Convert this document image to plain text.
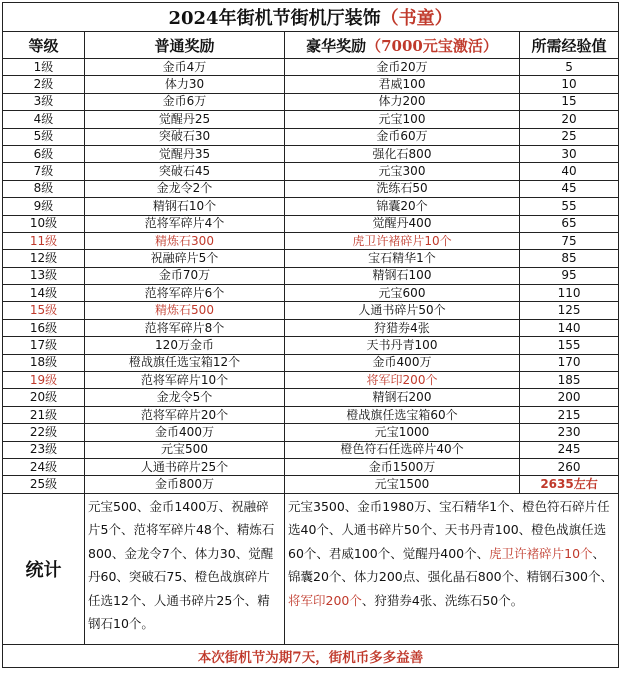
2024年街机节街机厅装饰（书童）			
等级	普通奖励	豪华奖励（7000元宝激活）	所需经验值
1级	金币4万	金币20万	5
2级	体力30	君威100	10
3级	金币6万	体力200	15
4级	觉醒丹25	元宝100	20
5级	突破石30	金币60万	25
6级	觉醒丹35	强化石800	30
7级	突破石45	元宝300	40
8级	金龙令2个	洗练石50	45
9级	精钢石10个	锦囊20个	55
10级	范将军碎片4个	觉醒丹400	65
11级	精炼石300	虎卫许褚碎片10个	75
12级	祝融碎片5个	宝石精华1个	85
13级	金币70万	精钢石100	95
14级	范将军碎片6个	元宝600	110
15级	精炼石500	人通书碎片50个	125
16级	范将军碎片8个	狩猎券4张	140
17级	120万金币	天书丹青100	155
18级	橙战旗任选宝箱12个	金币400万	170
19级	范将军碎片10个	将军印200个	185
20级	金龙令5个	精钢石200	200
21级	范将军碎片20个	橙战旗任选宝箱60个	215
22级	金币400万	元宝1000	230
23级	元宝500	橙色符石任选碎片40个	245
24级	人通书碎片25个	金币1500万	260
25级	金币800万	元宝1500	2635左右
统计	元宝500、金币1400万、祝融碎片5个、范将军碎片48个、精炼石800、金龙令7个、体力30、觉醒丹60、突破石75、橙色战旗碎片任选12个、人通书碎片25个、精钢石10个。	元宝3500、金币1980万、宝石精华1个、橙色符石碎片任选40个、人通书碎片50个、天书丹青100、橙色战旗任选60个、君威100个、觉醒丹400个、虎卫许褚碎片10个、锦囊20个、体力200点、强化晶石800个、精钢石300个、将军印200个、狩猎券4张、洗练石50个。	
本次街机节为期7天，街机币多多益善			
